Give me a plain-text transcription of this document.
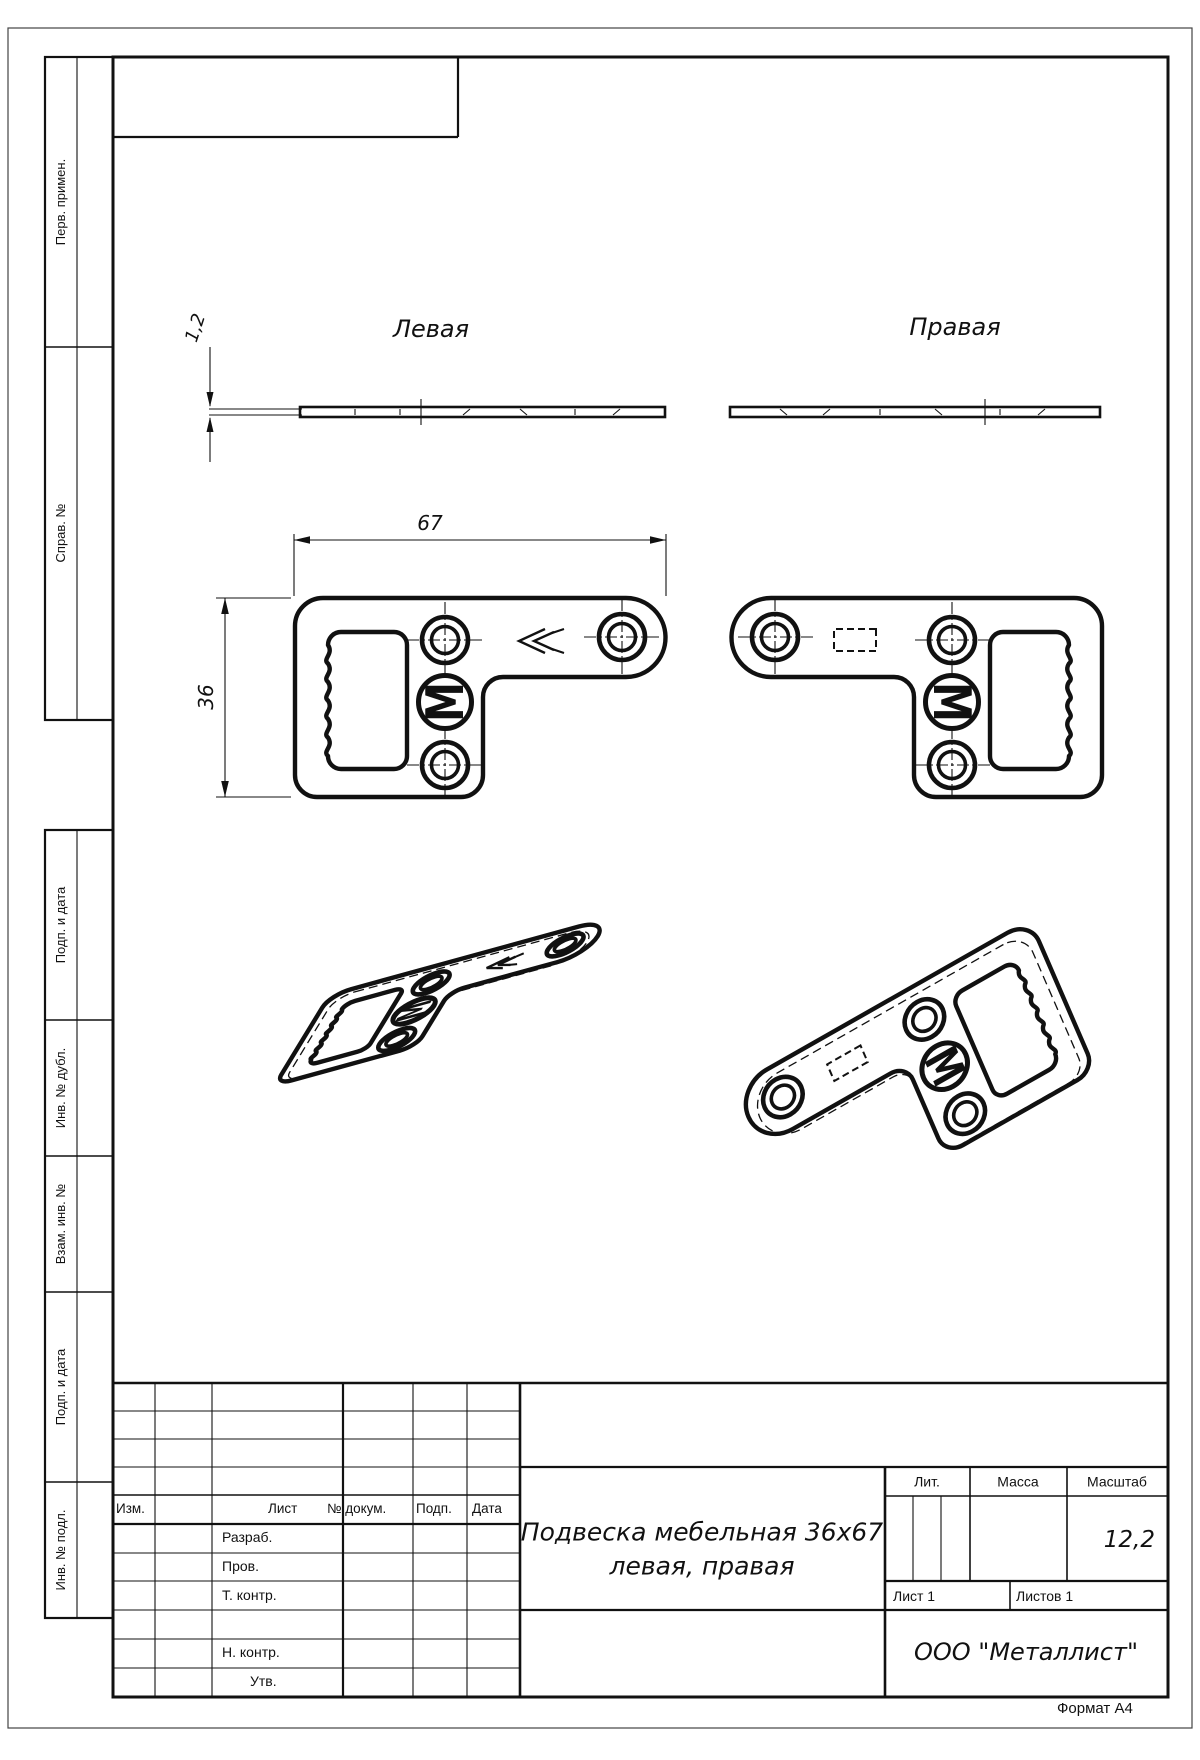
М
Перв. примен.
Справ. №
Подп. и дата
Инв. № дубл.
Взам. инв. №
Подп. и дата
Инв. № подл.
Левая	Правая
67
36
1,2
Изм.	Лист № докум. Подп. Дата
Разраб.
Пров.
Т. контр.
Н. контр.
Утв.
Подвеска мебельная 36х67
левая, правая
Лит.	Масса	Масштаб
12,2
Лист 1	Листов 1
ООО "Металлист"
Формат А4
